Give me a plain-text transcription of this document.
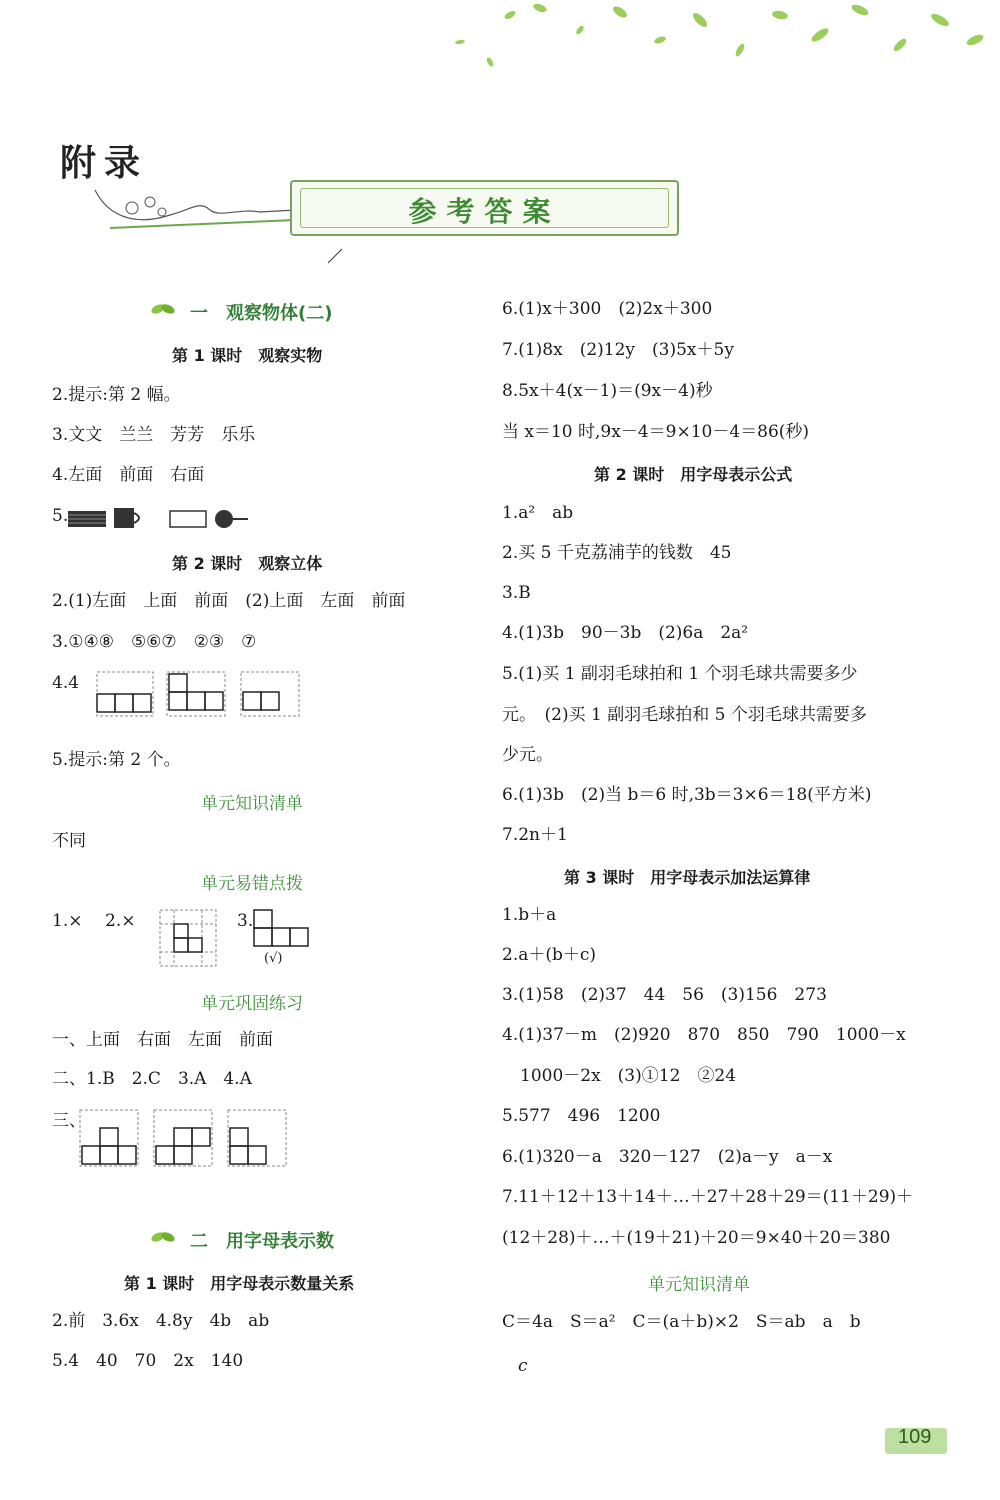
附录
参考答案
一　观察物体(二)
第 1 课时　观察实物
2.提示:第 2 幅。
3.文文　兰兰　芳芳　乐乐
4.左面　前面　右面
5.
第 2 课时　观察立体
2.(1)左面　上面　前面　(2)上面　左面　前面
3.①④⑧　⑤⑥⑦　②③　⑦
4.4
5.提示:第 2 个。
单元知识清单
不同
单元易错点拨
1.× 2.×	3.
(√)
单元巩固练习
一、上面　右面　左面　前面
二、1.B　2.C　3.A　4.A
三、
二　用字母表示数
第 1 课时　用字母表示数量关系
2.前　3.6x　4.8y　4b　ab
5.4　40　70　2x　140
6.(1)x＋300　(2)2x＋300
7.(1)8x　(2)12y　(3)5x＋5y
8.5x＋4(x－1)＝(9x－4)秒
当 x＝10 时,9x－4＝9×10－4＝86(秒)
第 2 课时　用字母表示公式
1.a²　ab
2.买 5 千克荔浦芋的钱数　45
3.B
4.(1)3b　90－3b　(2)6a　2a²
5.(1)买 1 副羽毛球拍和 1 个羽毛球共需要多少
元。　(2)买 1 副羽毛球拍和 5 个羽毛球共需要多
少元。
6.(1)3b　(2)当 b＝6 时,3b＝3×6＝18(平方米)
7.2n＋1
第 3 课时　用字母表示加法运算律
1.b＋a
2.a＋(b＋c)
3.(1)58　(2)37　44　56　(3)156　273
4.(1)37－m　(2)920　870　850　790　1000－x
1000－2x　(3)①12　②24
5.577　496　1200
6.(1)320－a　320－127　(2)a－y　a－x
7.11＋12＋13＋14＋…＋27＋28＋29＝(11＋29)＋
(12＋28)＋…＋(19＋21)＋20＝9×40＋20＝380
单元知识清单
C＝4a　S＝a²　C＝(a＋b)×2　S＝ab　a　b
c
109
